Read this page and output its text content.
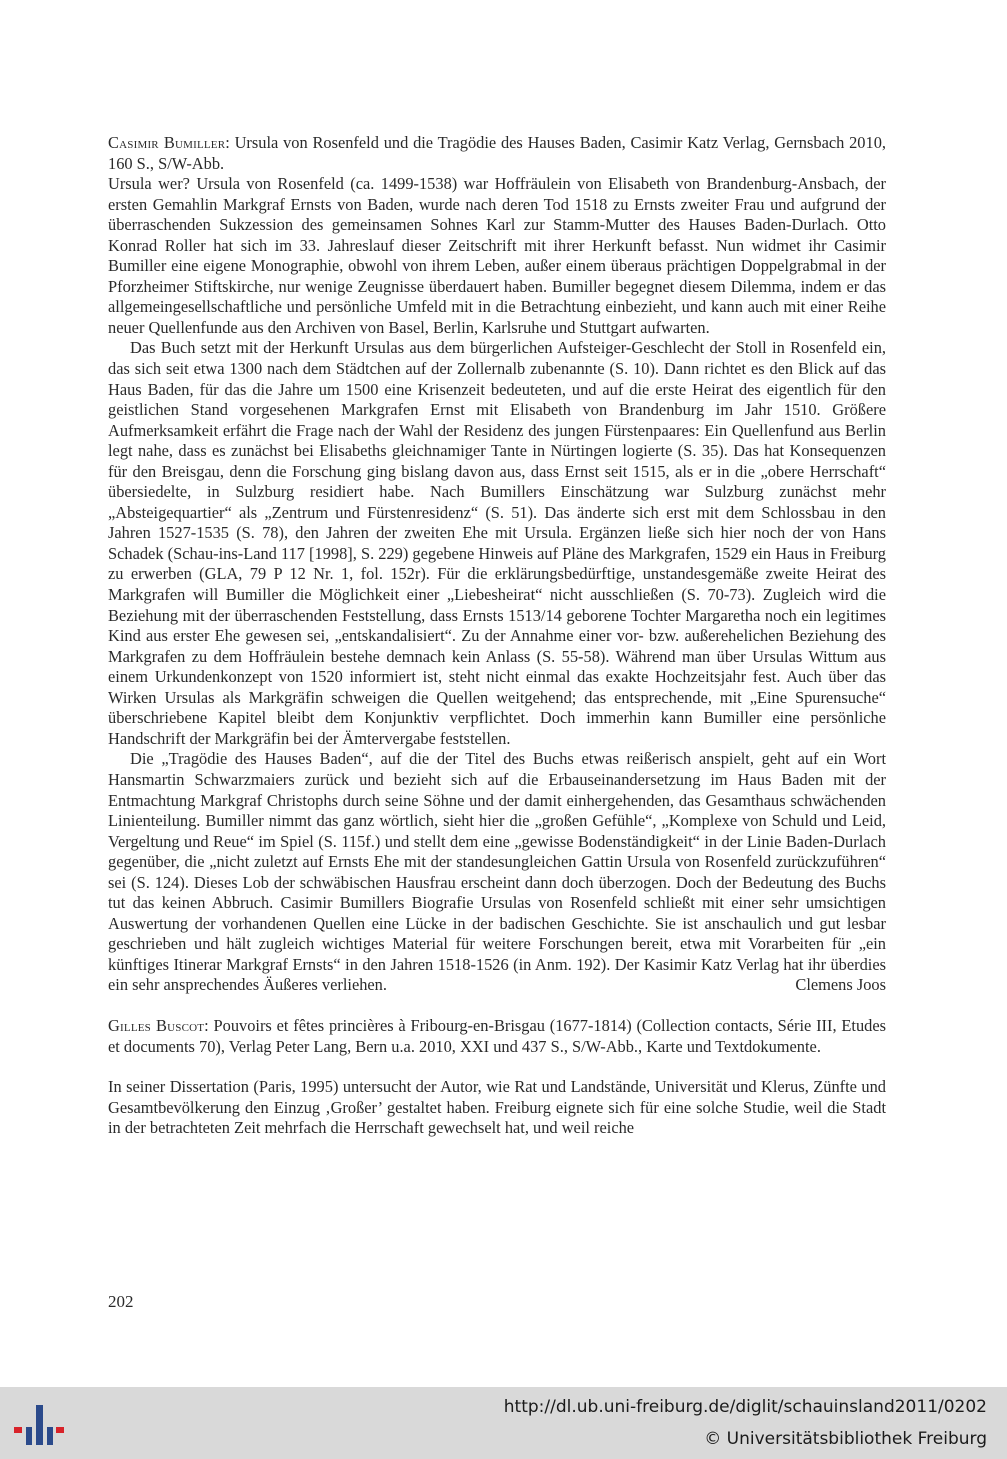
Casimir Bumiller: Ursula von Rosenfeld und die Tragödie des Hauses Baden, Casimir Katz Verlag, Gernsbach 2010, 160 S., S/W-Abb.

Ursula wer? Ursula von Rosenfeld (ca. 1499-1538) war Hoffräulein von Elisabeth von Brandenburg-Ansbach, der ersten Gemahlin Markgraf Ernsts von Baden, wurde nach deren Tod 1518 zu Ernsts zweiter Frau und aufgrund der überraschenden Sukzession des gemeinsamen Sohnes Karl zur Stamm-Mutter des Hauses Baden-Durlach. Otto Konrad Roller hat sich im 33. Jahreslauf dieser Zeitschrift mit ihrer Herkunft befasst. Nun widmet ihr Casimir Bumiller eine eigene Monographie, obwohl von ihrem Leben, außer einem überaus prächtigen Doppelgrabmal in der Pforzheimer Stiftskirche, nur wenige Zeugnisse überdauert haben. Bumiller begegnet diesem Dilemma, indem er das allgemeingesellschaftliche und persönliche Umfeld mit in die Betrachtung einbezieht, und kann auch mit einer Reihe neuer Quellenfunde aus den Archiven von Basel, Berlin, Karlsruhe und Stuttgart aufwarten.

Das Buch setzt mit der Herkunft Ursulas aus dem bürgerlichen Aufsteiger-Geschlecht der Stoll in Rosenfeld ein, das sich seit etwa 1300 nach dem Städtchen auf der Zollernalb zubenannte (S. 10). Dann richtet es den Blick auf das Haus Baden, für das die Jahre um 1500 eine Krisenzeit bedeuteten, und auf die erste Heirat des eigentlich für den geistlichen Stand vorgesehenen Markgrafen Ernst mit Elisabeth von Brandenburg im Jahr 1510. Größere Aufmerksamkeit erfährt die Frage nach der Wahl der Residenz des jungen Fürstenpaares: Ein Quellenfund aus Berlin legt nahe, dass es zunächst bei Elisabeths gleichnamiger Tante in Nürtingen logierte (S. 35). Das hat Konsequenzen für den Breisgau, denn die Forschung ging bislang davon aus, dass Ernst seit 1515, als er in die „obere Herrschaft“ übersiedelte, in Sulzburg residiert habe. Nach Bumillers Einschätzung war Sulzburg zunächst mehr „Absteigequartier“ als „Zentrum und Fürstenresidenz“ (S. 51). Das änderte sich erst mit dem Schlossbau in den Jahren 1527-1535 (S. 78), den Jahren der zweiten Ehe mit Ursula. Ergänzen ließe sich hier noch der von Hans Schadek (Schau-ins-Land 117 [1998], S. 229) gegebene Hinweis auf Pläne des Markgrafen, 1529 ein Haus in Freiburg zu erwerben (GLA, 79 P 12 Nr. 1, fol. 152r). Für die erklärungsbedürftige, unstandesgemäße zweite Heirat des Markgrafen will Bumiller die Möglichkeit einer „Liebesheirat“ nicht ausschließen (S. 70-73). Zugleich wird die Beziehung mit der überraschenden Feststellung, dass Ernsts 1513/14 geborene Tochter Margaretha noch ein legitimes Kind aus erster Ehe gewesen sei, „entskandalisiert“. Zu der Annahme einer vor- bzw. außerehelichen Beziehung des Markgrafen zu dem Hoffräulein bestehe demnach kein Anlass (S. 55-58). Während man über Ursulas Wittum aus einem Urkundenkonzept von 1520 informiert ist, steht nicht einmal das exakte Hochzeitsjahr fest. Auch über das Wirken Ursulas als Markgräfin schweigen die Quellen weitgehend; das entsprechende, mit „Eine Spurensuche“ überschriebene Kapitel bleibt dem Konjunktiv verpflichtet. Doch immerhin kann Bumiller eine persönliche Handschrift der Markgräfin bei der Ämtervergabe feststellen.

Die „Tragödie des Hauses Baden“, auf die der Titel des Buchs etwas reißerisch anspielt, geht auf ein Wort Hansmartin Schwarzmaiers zurück und bezieht sich auf die Erbauseinandersetzung im Haus Baden mit der Entmachtung Markgraf Christophs durch seine Söhne und der damit einhergehenden, das Gesamthaus schwächenden Linienteilung. Bumiller nimmt das ganz wörtlich, sieht hier die „großen Gefühle“, „Komplexe von Schuld und Leid, Vergeltung und Reue“ im Spiel (S. 115f.) und stellt dem eine „gewisse Bodenständigkeit“ in der Linie Baden-Durlach gegenüber, die „nicht zuletzt auf Ernsts Ehe mit der standesungleichen Gattin Ursula von Rosenfeld zurückzuführen“ sei (S. 124). Dieses Lob der schwäbischen Hausfrau erscheint dann doch überzogen. Doch der Bedeutung des Buchs tut das keinen Abbruch. Casimir Bumillers Biografie Ursulas von Rosenfeld schließt mit einer sehr umsichtigen Auswertung der vorhandenen Quellen eine Lücke in der badischen Geschichte. Sie ist anschaulich und gut lesbar geschrieben und hält zugleich wichtiges Material für weitere Forschungen bereit, etwa mit Vorarbeiten für „ein künftiges Itinerar Markgraf Ernsts“ in den Jahren 1518-1526 (in Anm. 192). Der Kasimir Katz Verlag hat ihr überdies ein sehr ansprechendes Äußeres verliehen.	Clemens Joos

Gilles Buscot: Pouvoirs et fêtes princières à Fribourg-en-Brisgau (1677-1814) (Collection contacts, Série III, Etudes et documents 70), Verlag Peter Lang, Bern u.a. 2010, XXI und 437 S., S/W-Abb., Karte und Textdokumente.

In seiner Dissertation (Paris, 1995) untersucht der Autor, wie Rat und Landstände, Universität und Klerus, Zünfte und Gesamtbevölkerung den Einzug ‚Großer’ gestaltet haben. Freiburg eignete sich für eine solche Studie, weil die Stadt in der betrachteten Zeit mehrfach die Herrschaft gewechselt hat, und weil reiche

202
http://dl.ub.uni-freiburg.de/diglit/schauinsland2011/0202
© Universitätsbibliothek Freiburg
